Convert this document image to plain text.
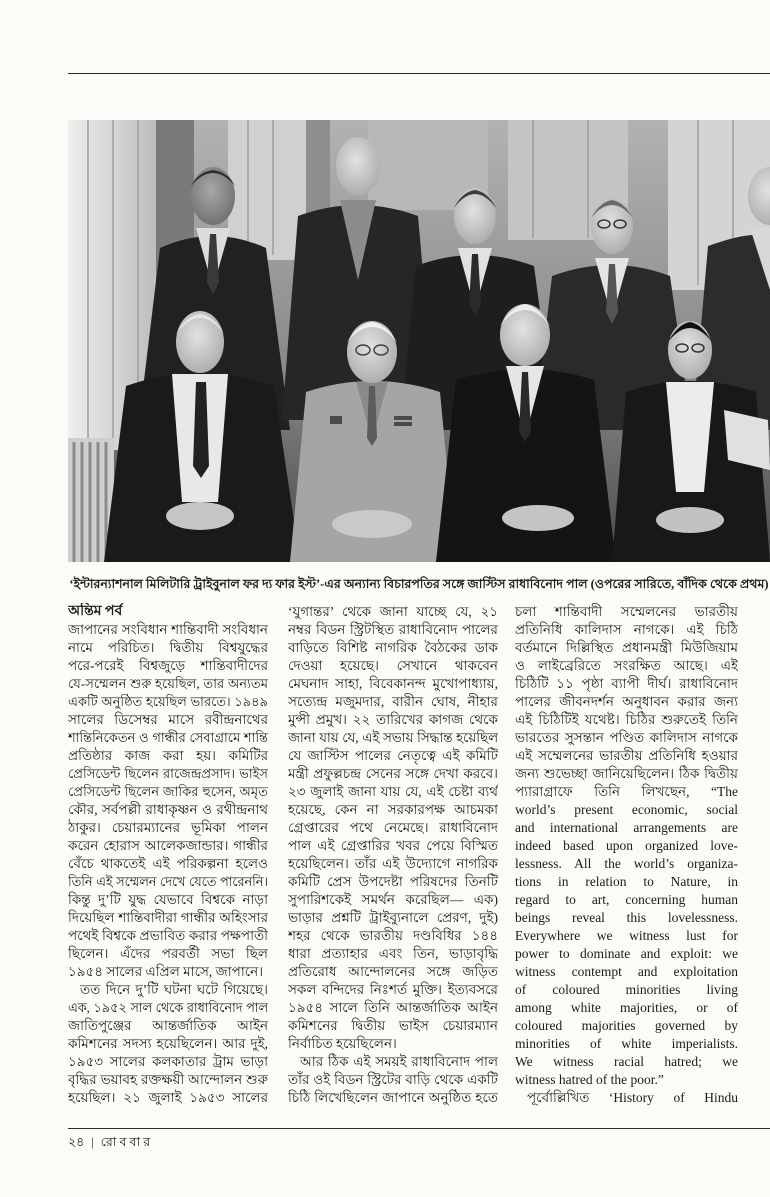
‘ইন্টারন্যাশনাল মিলিটারি ট্রাইবুনাল ফর দ্য ফার ইস্ট’-এর অন্যান্য বিচারপতির সঙ্গে জাস্টিস রাধাবিনোদ পাল (ওপরের সারিতে, বাঁদিক থেকে প্রথম)
অন্তিম পর্ব
জাপানের সংবিধান শান্তিবাদী সংবিধান
নামে পরিচিত। দ্বিতীয় বিশ্বযুদ্ধের
পরে-পরেই বিশ্বজুড়ে শান্তিবাদীদের
যে-সম্মেলন শুরু হয়েছিল, তার অন্যতম
একটি অনুষ্ঠিত হয়েছিল ভারতে। ১৯৪৯
সালের ডিসেম্বর মাসে রবীন্দ্রনাথের
শান্তিনিকেতন ও গান্ধীর সেবাগ্রামে শান্তি
প্রতিষ্ঠার কাজ করা হয়। কমিটির
প্রেসিডেন্ট ছিলেন রাজেন্দ্রপ্রসাদ। ভাইস
প্রেসিডেন্ট ছিলেন জাকির হুসেন, অমৃত
কৌর, সর্বপল্লী রাধাকৃষ্ণন ও রথীন্দ্রনাথ
ঠাকুর। চেয়ারম্যানের ভূমিকা পালন
করেন হোরাস আলেকজান্ডার। গান্ধীর
বেঁচে থাকতেই এই পরিকল্পনা হলেও
তিনি এই সম্মেলন দেখে যেতে পারেননি।
কিন্তু দু’টি যুদ্ধ যেভাবে বিশ্বকে নাড়া
দিয়েছিল শান্তিবাদীরা গান্ধীর অহিংসার
পথেই বিশ্বকে প্রভাবিত করার পক্ষপাতী
ছিলেন। এঁদের পরবর্তী সভা ছিল
১৯৫৪ সালের এপ্রিল মাসে, জাপানে।
তত দিনে দু’টি ঘটনা ঘটে গিয়েছে।
এক, ১৯৫২ সাল থেকে রাধাবিনোদ পাল
জাতিপুঞ্জের আন্তর্জাতিক আইন
কমিশনের সদস্য হয়েছিলেন। আর দুই,
১৯৫৩ সালের কলকাতার ট্রাম ভাড়া
বৃদ্ধির ভয়াবহ রক্তক্ষয়ী আন্দোলন শুরু
হয়েছিল। ২১ জুলাই ১৯৫৩ সালের
‘যুগান্তর’ থেকে জানা যাচ্ছে যে, ২১
নম্বর বিডন স্ট্রিটস্থিত রাধাবিনোদ পালের
বাড়িতে বিশিষ্ট নাগরিক বৈঠকের ডাক
দেওয়া হয়েছে। সেখানে থাকবেন
মেঘনাদ সাহা, বিবেকানন্দ মুখোপাধ্যায়,
সত্যেন্দ্র মজুমদার, বারীন ঘোষ, নীহার
মুন্সী প্রমুখ। ২২ তারিখের কাগজ থেকে
জানা যায় যে, এই সভায় সিদ্ধান্ত হয়েছিল
যে জাস্টিস পালের নেতৃত্বে এই কমিটি
মন্ত্রী প্রফুল্লচন্দ্র সেনের সঙ্গে দেখা করবে।
২৩ জুলাই জানা যায় যে, এই চেষ্টা ব্যর্থ
হয়েছে, কেন না সরকারপক্ষ আচমকা
গ্রেপ্তারের পথে নেমেছে। রাধাবিনোদ
পাল এই গ্রেপ্তারির খবর পেয়ে বিস্মিত
হয়েছিলেন। তাঁর এই উদ্যোগে নাগরিক
কমিটি প্রেস উপদেষ্টা পরিষদের তিনটি
সুপারিশকেই সমর্থন করেছিল— এক)
ভাড়ার প্রশ্নটি ট্রাইব্যুনালে প্রেরণ, দুই)
শহর থেকে ভারতীয় দণ্ডবিধির ১৪৪
ধারা প্রত্যাহার এবং তিন, ভাড়াবৃদ্ধি
প্রতিরোধ আন্দোলনের সঙ্গে জড়িত
সকল বন্দিদের নিঃশর্ত মুক্তি। ইত্যবসরে
১৯৫৪ সালে তিনি আন্তর্জাতিক আইন
কমিশনের দ্বিতীয় ভাইস চেয়ারম্যান
নির্বাচিত হয়েছিলেন।
আর ঠিক এই সময়ই রাধাবিনোদ পাল
তাঁর ওই বিডন স্ট্রিটের বাড়ি থেকে একটি
চিঠি লিখেছিলেন জাপানে অনুষ্ঠিত হতে
চলা শান্তিবাদী সম্মেলনের ভারতীয়
প্রতিনিধি কালিদাস নাগকে। এই চিঠি
বর্তমানে দিল্লিস্থিত প্রধানমন্ত্রী মিউজিয়াম
ও লাইব্রেরিতে সংরক্ষিত আছে। এই
চিঠিটি ১১ পৃষ্ঠা ব্যাপী দীর্ঘ। রাধাবিনোদ
পালের জীবনদর্শন অনুধাবন করার জন্য
এই চিঠিটিই যথেষ্ট। চিঠির শুরুতেই তিনি
ভারতের সুসন্তান পণ্ডিত কালিদাস নাগকে
এই সম্মেলনের ভারতীয় প্রতিনিধি হওয়ার
জন্য শুভেচ্ছা জানিয়েছিলেন। ঠিক দ্বিতীয়
প্যারাগ্রাফে তিনি লিখছেন, “The
world’s present economic, social
and international arrangements are
indeed based upon organized love-
lessness. All the world’s organiza-
tions in relation to Nature, in
regard to art, concerning human
beings reveal this lovelessness.
Everywhere we witness lust for
power to dominate and exploit: we
witness contempt and exploitation
of coloured minorities living
among white majorities, or of
coloured majorities governed by
minorities of white imperialists.
We witness racial hatred; we
witness hatred of the poor.”
পূর্বোল্লিখিত ‘History of Hindu
২৪ | রো ব বা র
